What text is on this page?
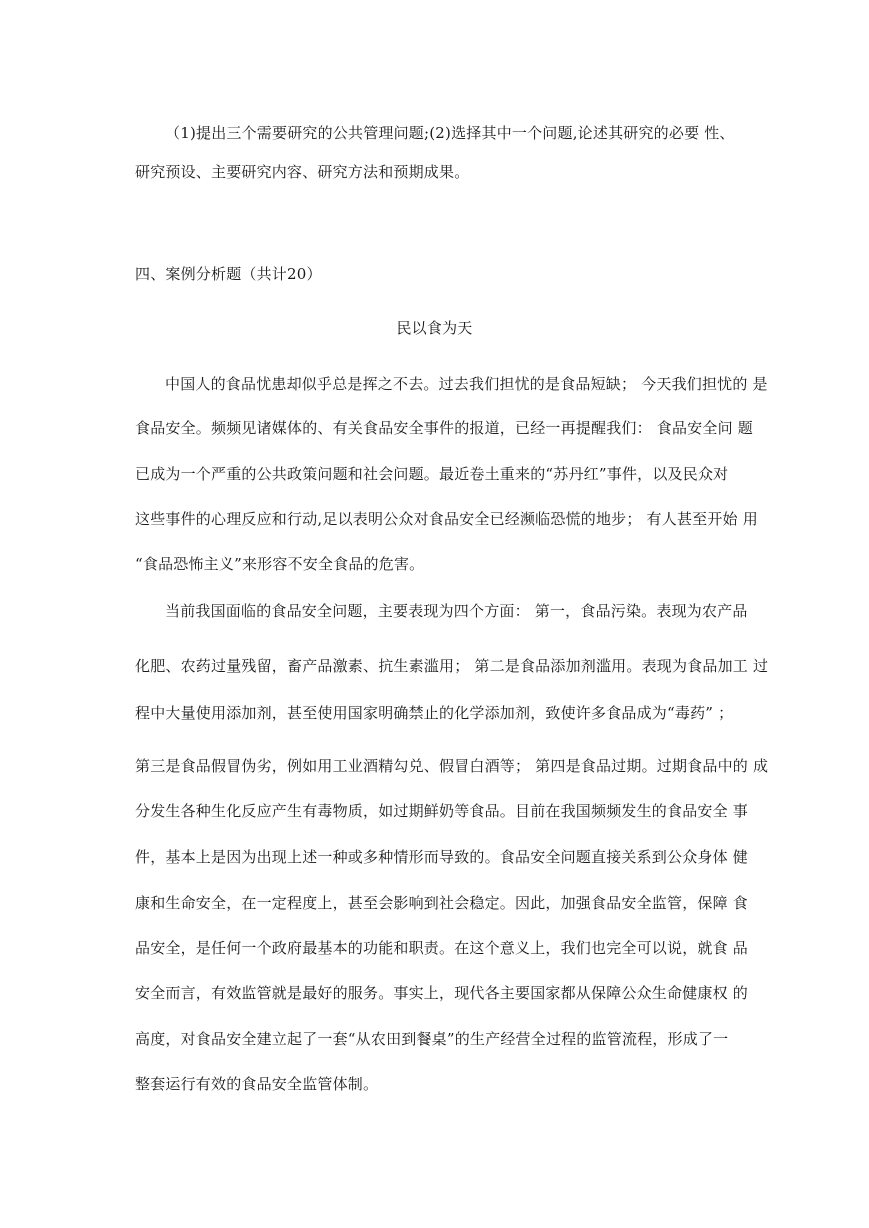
（1)提出三个需要研究的公共管理问题;(2)选择其中一个问题,论述其研究的必要 性、
研究预设、主要研究内容、研究方法和预期成果。
四、案例分析题（共计20）
民以食为天
中国人的食品忧患却似乎总是挥之不去。过去我们担忧的是食品短缺； 今天我们担忧的 是
食品安全。频频见诸媒体的、有关食品安全事件的报道，已经一再提醒我们： 食品安全问 题
已成为一个严重的公共政策问题和社会问题。最近卷土重来的“苏丹红”事件，以及民众对
这些事件的心理反应和行动,足以表明公众对食品安全已经濒临恐慌的地步； 有人甚至开始 用
“食品恐怖主义”来形容不安全食品的危害。
当前我国面临的食品安全问题，主要表现为四个方面： 第一，食品污染。表现为农产品
化肥、农药过量残留，畜产品激素、抗生素滥用； 第二是食品添加剂滥用。表现为食品加工 过
程中大量使用添加剂，甚至使用国家明确禁止的化学添加剂，致使许多食品成为“毒药” ；
第三是食品假冒伪劣，例如用工业酒精勾兑、假冒白酒等； 第四是食品过期。过期食品中的 成
分发生各种生化反应产生有毒物质，如过期鲜奶等食品。目前在我国频频发生的食品安全 事
件，基本上是因为出现上述一种或多种情形而导致的。食品安全问题直接关系到公众身体 健
康和生命安全，在一定程度上，甚至会影响到社会稳定。因此，加强食品安全监管，保障 食
品安全，是任何一个政府最基本的功能和职责。在这个意义上，我们也完全可以说，就食 品
安全而言，有效监管就是最好的服务。事实上，现代各主要国家都从保障公众生命健康权 的
高度，对食品安全建立起了一套“从农田到餐桌”的生产经营全过程的监管流程，形成了一
整套运行有效的食品安全监管体制。
